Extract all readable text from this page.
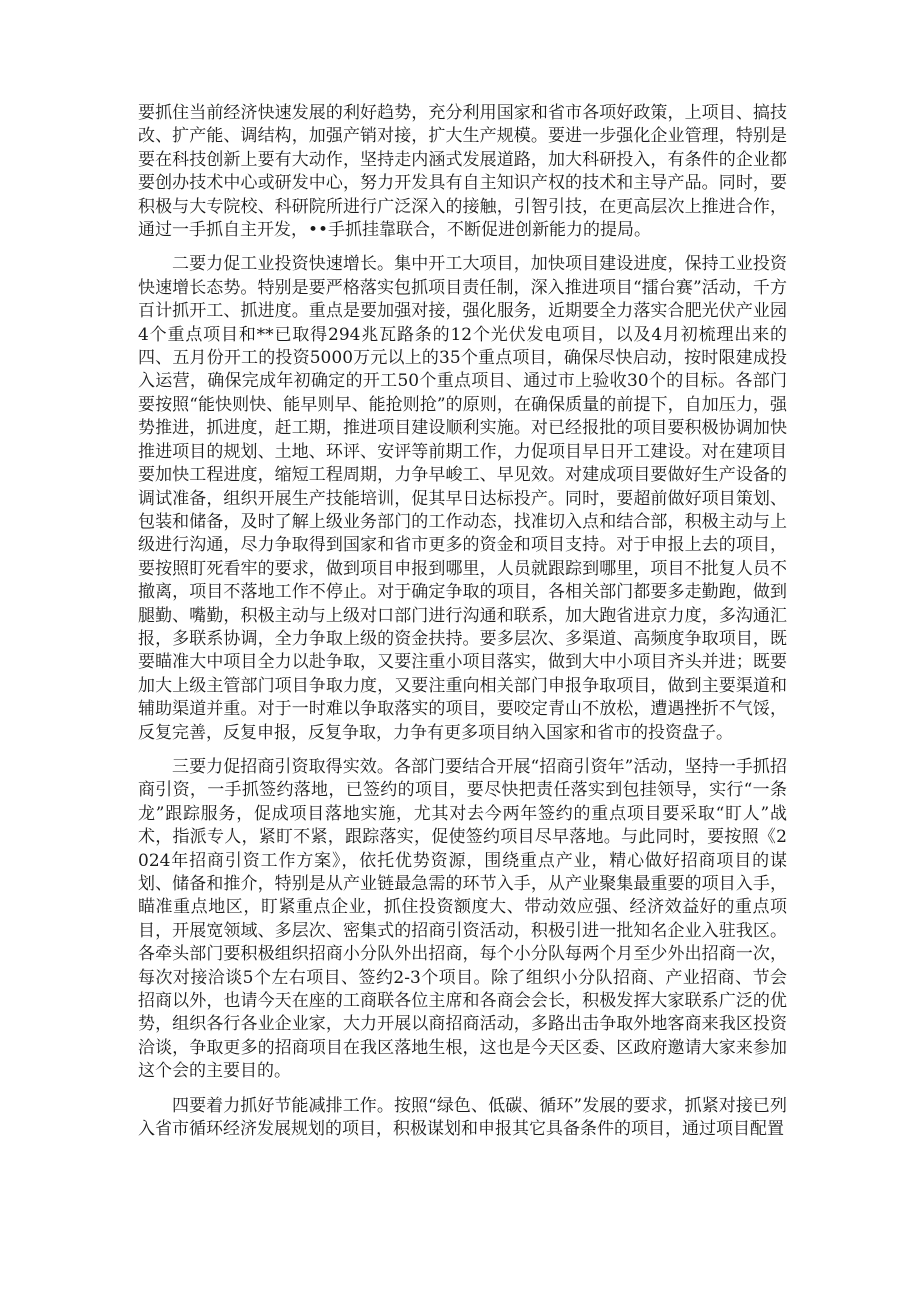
要抓住当前经济快速发展的利好趋势，充分利用国家和省市各项好政策，上项目、搞技改、扩产能、调结构，加强产销对接，扩大生产规模。要进一步强化企业管理，特别是要在科技创新上要有大动作，坚持走内涵式发展道路，加大科研投入，有条件的企业都要创办技术中心或研发中心，努力开发具有自主知识产权的技术和主导产品。同时，要积极与大专院校、科研院所进行广泛深入的接触，引智引技，在更高层次上推进合作，通过一手抓自主开发，••手抓挂靠联合，不断促进创新能力的提局。

二要力促工业投资快速增长。集中开工大项目，加快项目建设进度，保持工业投资快速增长态势。特别是要严格落实包抓项目责任制，深入推进项目“擂台赛”活动，千方百计抓开工、抓进度。重点是要加强对接，强化服务，近期要全力落实合肥光伏产业园4个重点项目和**已取得294兆瓦路条的12个光伏发电项目，以及4月初梳理出来的四、五月份开工的投资5000万元以上的35个重点项目，确保尽快启动，按时限建成投入运营，确保完成年初确定的开工50个重点项目、通过市上验收30个的目标。各部门要按照“能快则快、能早则早、能抢则抢”的原则，在确保质量的前提下，自加压力，强势推进，抓进度，赶工期，推进项目建设顺利实施。对已经报批的项目要积极协调加快推进项目的规划、土地、环评、安评等前期工作，力促项目早日开工建设。对在建项目要加快工程进度，缩短工程周期，力争早峻工、早见效。对建成项目要做好生产设备的调试准备，组织开展生产技能培训，促其早日达标投产。同时，要超前做好项目策划、包装和储备，及时了解上级业务部门的工作动态，找准切入点和结合部，积极主动与上级进行沟通，尽力争取得到国家和省市更多的资金和项目支持。对于申报上去的项目，要按照盯死看牢的要求，做到项目申报到哪里，人员就跟踪到哪里，项目不批复人员不撤离，项目不落地工作不停止。对于确定争取的项目，各相关部门都要多走勤跑，做到腿勤、嘴勤，积极主动与上级对口部门进行沟通和联系，加大跑省进京力度，多沟通汇报，多联系协调，全力争取上级的资金扶持。要多层次、多渠道、高频度争取项目，既要瞄准大中项目全力以赴争取，又要注重小项目落实，做到大中小项目齐头并进；既要加大上级主管部门项目争取力度，又要注重向相关部门申报争取项目，做到主要渠道和辅助渠道并重。对于一时难以争取落实的项目，要咬定青山不放松，遭遇挫折不气馁，反复完善，反复申报，反复争取，力争有更多项目纳入国家和省市的投资盘子。

三要力促招商引资取得实效。各部门要结合开展“招商引资年”活动，坚持一手抓招商引资，一手抓签约落地，已签约的项目，要尽快把责任落实到包挂领导，实行“一条龙”跟踪服务，促成项目落地实施，尤其对去今两年签约的重点项目要采取“盯人”战术，指派专人，紧盯不紧，跟踪落实，促使签约项目尽早落地。与此同时，要按照《2024年招商引资工作方案》，依托优势资源，围绕重点产业，精心做好招商项目的谋划、储备和推介，特别是从产业链最急需的环节入手，从产业聚集最重要的项目入手，瞄准重点地区，盯紧重点企业，抓住投资额度大、带动效应强、经济效益好的重点项目，开展宽领域、多层次、密集式的招商引资活动，积极引进一批知名企业入驻我区。各牵头部门要积极组织招商小分队外出招商，每个小分队每两个月至少外出招商一次，每次对接洽谈5个左右项目、签约2-3个项目。除了组织小分队招商、产业招商、节会招商以外，也请今天在座的工商联各位主席和各商会会长，积极发挥大家联系广泛的优势，组织各行各业企业家，大力开展以商招商活动，多路出击争取外地客商来我区投资洽谈，争取更多的招商项目在我区落地生根，这也是今天区委、区政府邀请大家来参加这个会的主要目的。

四要着力抓好节能减排工作。按照“绿色、低碳、循环”发展的要求，抓紧对接已列入省市循环经济发展规划的项目，积极谋划和申报其它具备条件的项目，通过项目配置
